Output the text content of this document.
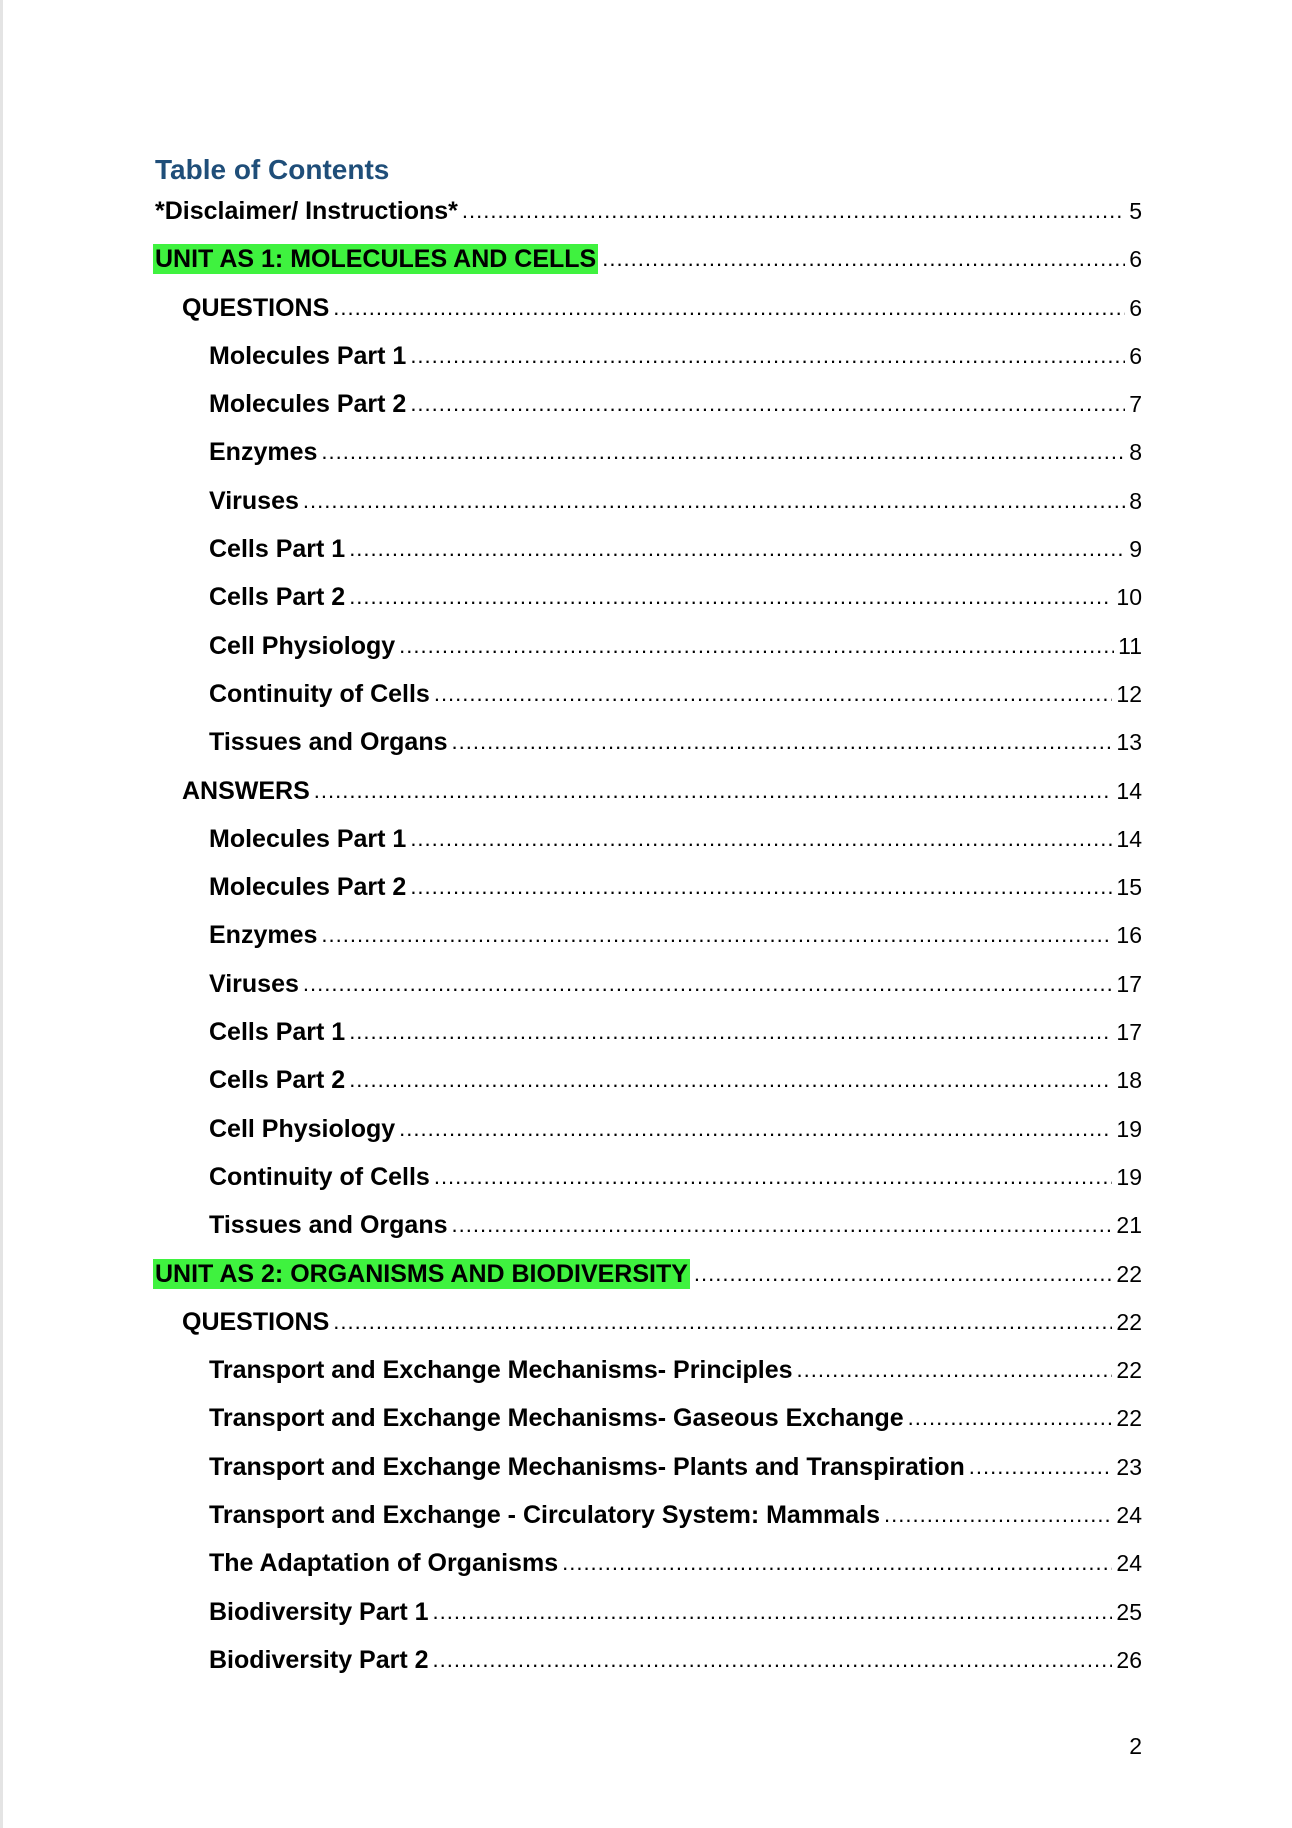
Table of Contents
*Disclaimer/ Instructions* .....	5
UNIT AS 1: MOLECULES AND CELLS .....	6
QUESTIONS .....	6
Molecules Part 1 .....	6
Molecules Part 2 .....	7
Enzymes .....	8
Viruses .....	8
Cells Part 1 .....	9
Cells Part 2 .....	10
Cell Physiology .....	11
Continuity of Cells .....	12
Tissues and Organs .....	13
ANSWERS .....	14
Molecules Part 1 .....	14
Molecules Part 2 .....	15
Enzymes .....	16
Viruses .....	17
Cells Part 1 .....	17
Cells Part 2 .....	18
Cell Physiology .....	19
Continuity of Cells .....	19
Tissues and Organs .....	21
UNIT AS 2: ORGANISMS AND BIODIVERSITY .....	22
QUESTIONS .....	22
Transport and Exchange Mechanisms- Principles .....	22
Transport and Exchange Mechanisms- Gaseous Exchange .....	22
Transport and Exchange Mechanisms- Plants and Transpiration .....	23
Transport and Exchange - Circulatory System: Mammals .....	24
The Adaptation of Organisms .....	24
Biodiversity Part 1 .....	25
Biodiversity Part 2 .....	26
2
